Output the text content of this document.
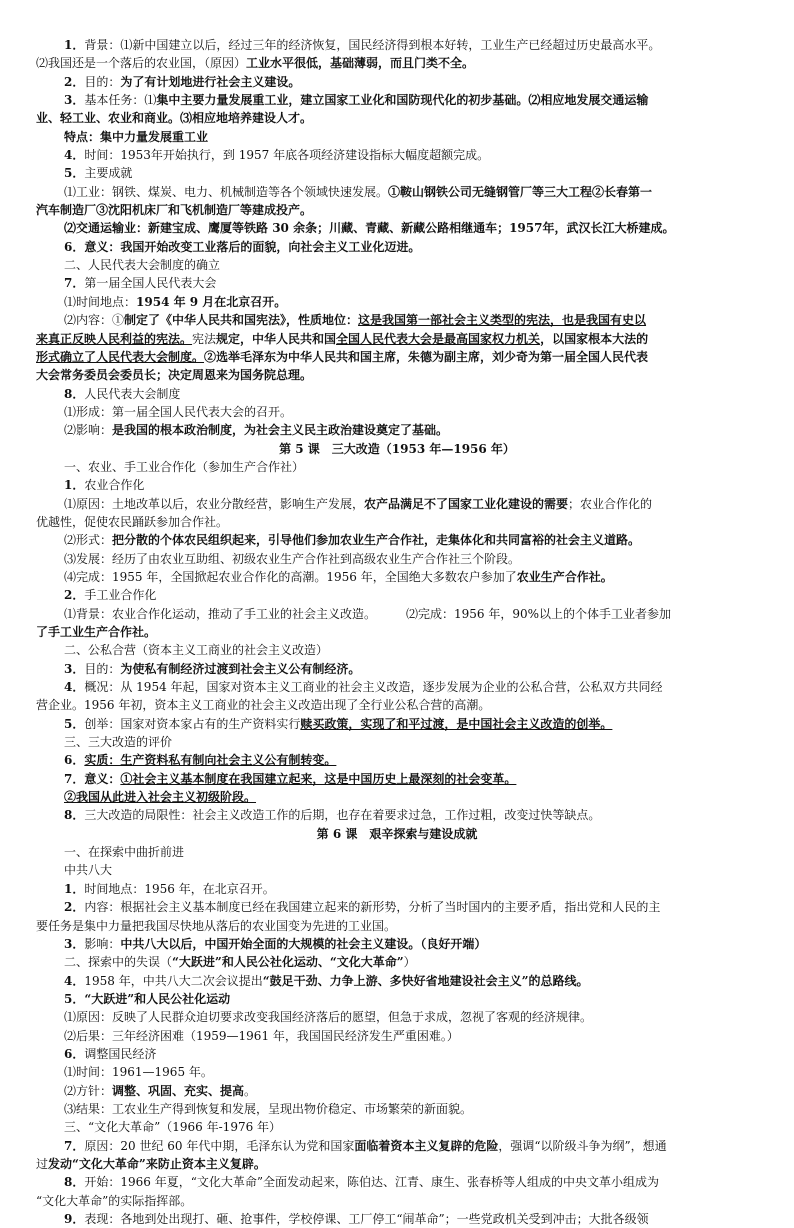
1．背景：⑴新中国建立以后，经过三年的经济恢复，国民经济得到根本好转，工业生产已经超过历史最高水平。
⑵我国还是一个落后的农业国，（原因）工业水平很低，基础薄弱，而且门类不全。
2．目的：为了有计划地进行社会主义建设。
3．基本任务：⑴集中主要力量发展重工业，建立国家工业化和国防现代化的初步基础。⑵相应地发展交通运输
业、轻工业、农业和商业。⑶相应地培养建设人才。
特点：集中力量发展重工业
4．时间：1953年开始执行，到 1957 年底各项经济建设指标大幅度超额完成。
5．主要成就
⑴工业：钢铁、煤炭、电力、机械制造等各个领域快速发展。①鞍山钢铁公司无缝钢管厂等三大工程②长春第一
汽车制造厂③沈阳机床厂和飞机制造厂等建成投产。
⑵交通运输业：新建宝成、鹰厦等铁路 30 余条；川藏、青藏、新藏公路相继通车；1957年，武汉长江大桥建成。
6．意义：我国开始改变工业落后的面貌，向社会主义工业化迈进。
二、人民代表大会制度的确立
7．第一届全国人民代表大会
⑴时间地点：1954 年 9 月在北京召开。
⑵内容：①制定了《中华人民共和国宪法》，性质地位：这是我国第一部社会主义类型的宪法，也是我国有史以
来真正反映人民利益的宪法。宪法规定，中华人民共和国全国人民代表大会是最高国家权力机关，以国家根本大法的
形式确立了人民代表大会制度。②选举毛泽东为中华人民共和国主席，朱德为副主席，刘少奇为第一届全国人民代表
大会常务委员会委员长；决定周恩来为国务院总理。
8．人民代表大会制度
⑴形成：第一届全国人民代表大会的召开。
⑵影响：是我国的根本政治制度，为社会主义民主政治建设奠定了基础。
第 5 课　三大改造（1953 年—1956 年）
一、农业、手工业合作化（参加生产合作社）
1．农业合作化
⑴原因：土地改革以后，农业分散经营，影响生产发展，农产品满足不了国家工业化建设的需要；农业合作化的
优越性，促使农民踊跃参加合作社。
⑵形式：把分散的个体农民组织起来，引导他们参加农业生产合作社，走集体化和共同富裕的社会主义道路。
⑶发展：经历了由农业互助组、初级农业生产合作社到高级农业生产合作社三个阶段。
⑷完成：1955 年，全国掀起农业合作化的高潮。1956 年，全国绝大多数农户参加了农业生产合作社。
2．手工业合作化
⑴背景：农业合作化运动，推动了手工业的社会主义改造。　　　⑵完成：1956 年，90%以上的个体手工业者参加
了手工业生产合作社。
二、公私合营（资本主义工商业的社会主义改造）
3．目的：为使私有制经济过渡到社会主义公有制经济。
4．概况：从 1954 年起，国家对资本主义工商业的社会主义改造，逐步发展为企业的公私合营，公私双方共同经
营企业。1956 年初，资本主义工商业的社会主义改造出现了全行业公私合营的高潮。
5．创举：国家对资本家占有的生产资料实行赎买政策，实现了和平过渡，是中国社会主义改造的创举。
三、三大改造的评价
6．实质：生产资料私有制向社会主义公有制转变。
7．意义：①社会主义基本制度在我国建立起来，这是中国历史上最深刻的社会变革。
②我国从此进入社会主义初级阶段。
8．三大改造的局限性：社会主义改造工作的后期，也存在着要求过急，工作过粗，改变过快等缺点。
第 6 课　艰辛探索与建设成就
一、在探索中曲折前进
中共八大
1．时间地点：1956 年，在北京召开。
2．内容：根据社会主义基本制度已经在我国建立起来的新形势，分析了当时国内的主要矛盾，指出党和人民的主
要任务是集中力量把我国尽快地从落后的农业国变为先进的工业国。
3．影响：中共八大以后，中国开始全面的大规模的社会主义建设。（良好开端）
二、探索中的失误（“大跃进”和人民公社化运动、“文化大革命”）
4．1958 年，中共八大二次会议提出“鼓足干劲、力争上游、多快好省地建设社会主义”的总路线。
5．“大跃进”和人民公社化运动
⑴原因：反映了人民群众迫切要求改变我国经济落后的愿望，但急于求成，忽视了客观的经济规律。
⑵后果：三年经济困难（1959—1961 年，我国国民经济发生严重困难。）
6．调整国民经济
⑴时间：1961—1965 年。
⑵方针：调整、巩固、充实、提高。
⑶结果：工农业生产得到恢复和发展，呈现出物价稳定、市场繁荣的新面貌。
三、“文化大革命”（1966 年-1976 年）
7．原因：20 世纪 60 年代中期，毛泽东认为党和国家面临着资本主义复辟的危险，强调“以阶级斗争为纲”，想通
过发动“文化大革命”来防止资本主义复辟。
8．开始：1966 年夏，“文化大革命”全面发动起来，陈伯达、江青、康生、张春桥等人组成的中央文革小组成为
“文化大革命”的实际指挥部。
9．表现：各地到处出现打、砸、抢事件，学校停课、工厂停工“闹革命”；一些党政机关受到冲击；大批各级领
